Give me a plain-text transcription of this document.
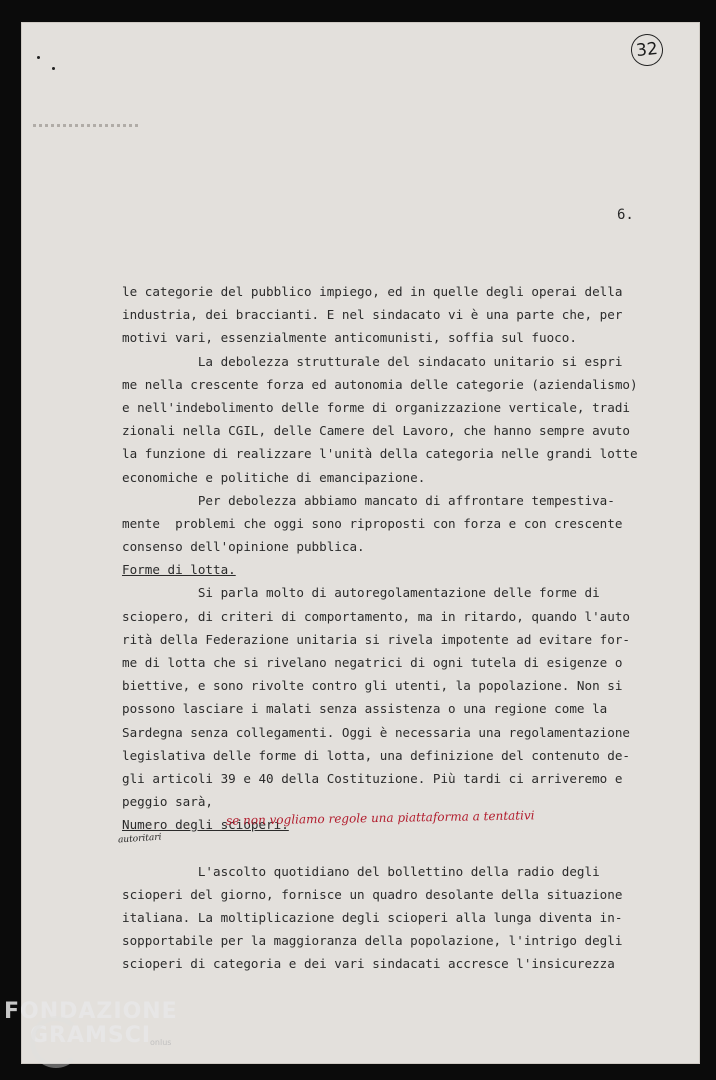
32
6.
le categorie del pubblico impiego, ed in quelle degli operai della
industria, dei braccianti. E nel sindacato vi è una parte che, per
motivi vari, essenzialmente anticomunisti, soffia sul fuoco.
La debolezza strutturale del sindacato unitario si espri
me nella crescente forza ed autonomia delle categorie (aziendalismo)
e nell'indebolimento delle forme di organizzazione verticale, tradi
zionali nella CGIL, delle Camere del Lavoro, che hanno sempre avuto
la funzione di realizzare l'unità della categoria nelle grandi lotte
economiche e politiche di emancipazione.
Per debolezza abbiamo mancato di affrontare tempestiva-
mente  problemi che oggi sono riproposti con forza e con crescente
consenso dell'opinione pubblica.
Forme di lotta.
Si parla molto di autoregolamentazione delle forme di
sciopero, di criteri di comportamento, ma in ritardo, quando l'auto
rità della Federazione unitaria si rivela impotente ad evitare for-
me di lotta che si rivelano negatrici di ogni tutela di esigenze o
biettive, e sono rivolte contro gli utenti, la popolazione. Non si
possono lasciare i malati senza assistenza o una regione come la
Sardegna senza collegamenti. Oggi è necessaria una regolamentazione
legislativa delle forme di lotta, una definizione del contenuto de-
gli articoli 39 e 40 della Costituzione. Più tardi ci arriveremo e
peggio sarà,
Numero degli scioperi.
L'ascolto quotidiano del bollettino della radio degli
scioperi del giorno, fornisce un quadro desolante della situazione
italiana. La moltiplicazione degli scioperi alla lunga diventa in-
sopportabile per la maggioranza della popolazione, l'intrigo degli
scioperi di categoria e dei vari sindacati accresce l'insicurezza
se non vogliamo regole una piattaforma a tentativi
autoritari
FONDAZIONE
GRAMSCI
onlus
